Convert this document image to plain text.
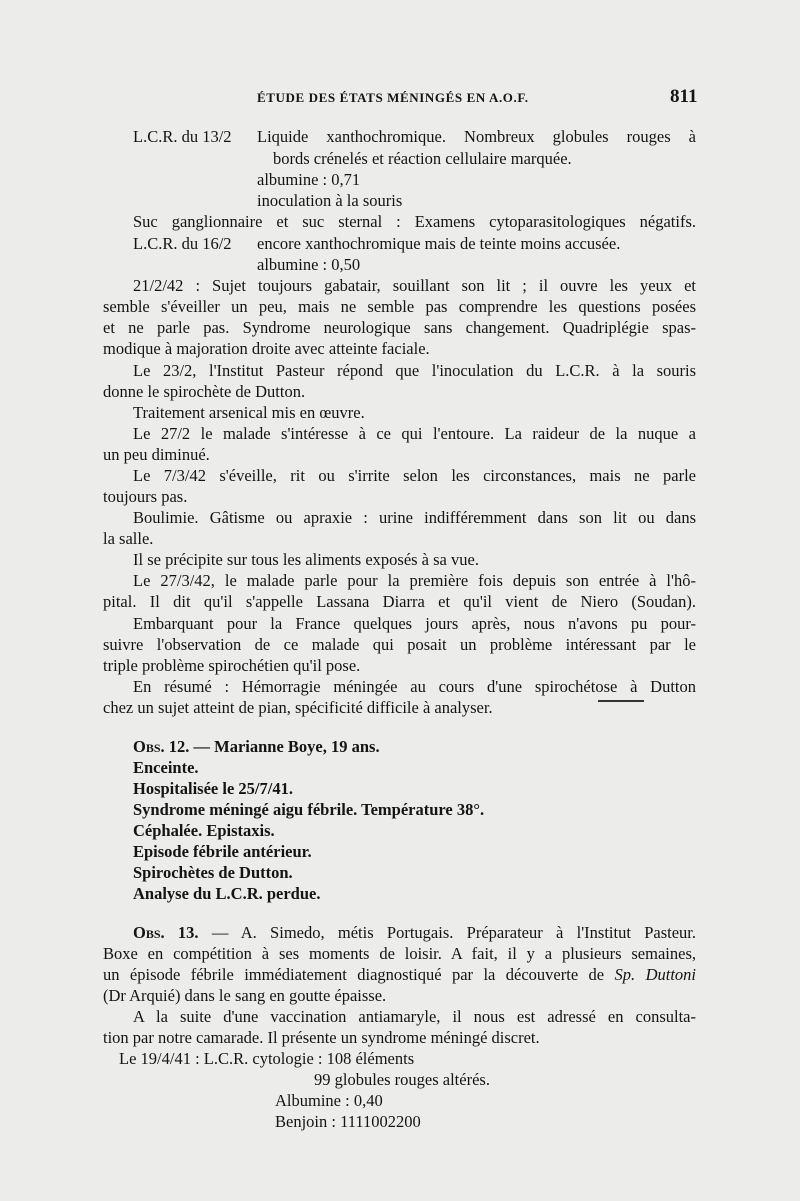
ÉTUDE DES ÉTATS MÉNINGÉS EN A.O.F.	811
L.C.R. du 13/2 Liquide xanthochromique. Nombreux globules rouges à
bords crénelés et réaction cellulaire marquée.
albumine : 0,71
inoculation à la souris
Suc ganglionnaire et suc sternal : Examens cytoparasitologiques négatifs.
L.C.R. du 16/2 encore xanthochromique mais de teinte moins accusée.
albumine : 0,50
21/2/42 : Sujet toujours gabatair, souillant son lit ; il ouvre les yeux et
semble s'éveiller un peu, mais ne semble pas comprendre les questions posées
et ne parle pas. Syndrome neurologique sans changement. Quadriplégie spas-
modique à majoration droite avec atteinte faciale.
Le 23/2, l'Institut Pasteur répond que l'inoculation du L.C.R. à la souris
donne le spirochète de Dutton.
Traitement arsenical mis en œuvre.
Le 27/2 le malade s'intéresse à ce qui l'entoure. La raideur de la nuque a
un peu diminué.
Le 7/3/42 s'éveille, rit ou s'irrite selon les circonstances, mais ne parle
toujours pas.
Boulimie. Gâtisme ou apraxie : urine indifféremment dans son lit ou dans
la salle.
Il se précipite sur tous les aliments exposés à sa vue.
Le 27/3/42, le malade parle pour la première fois depuis son entrée à l'hô-
pital. Il dit qu'il s'appelle Lassana Diarra et qu'il vient de Niero (Soudan).
Embarquant pour la France quelques jours après, nous n'avons pu pour-
suivre l'observation de ce malade qui posait un problème intéressant par le
triple problème spirochétien qu'il pose.
En résumé : Hémorragie méningée au cours d'une spirochétose à Dutton
chez un sujet atteint de pian, spécificité difficile à analyser.
Obs. 12. — Marianne Boye, 19 ans.
Enceinte.
Hospitalisée le 25/7/41.
Syndrome méningé aigu fébrile. Température 38°.
Céphalée. Epistaxis.
Episode fébrile antérieur.
Spirochètes de Dutton.
Analyse du L.C.R. perdue.
Obs. 13. — A. Simedo, métis Portugais. Préparateur à l'Institut Pasteur.
Boxe en compétition à ses moments de loisir. A fait, il y a plusieurs semaines,
un épisode fébrile immédiatement diagnostiqué par la découverte de Sp. Duttoni
(Dr Arquié) dans le sang en goutte épaisse.
A la suite d'une vaccination antiamaryle, il nous est adressé en consulta-
tion par notre camarade. Il présente un syndrome méningé discret.
Le 19/4/41 : L.C.R. cytologie : 108 éléments
99 globules rouges altérés.
Albumine : 0,40
Benjoin : 1111002200
